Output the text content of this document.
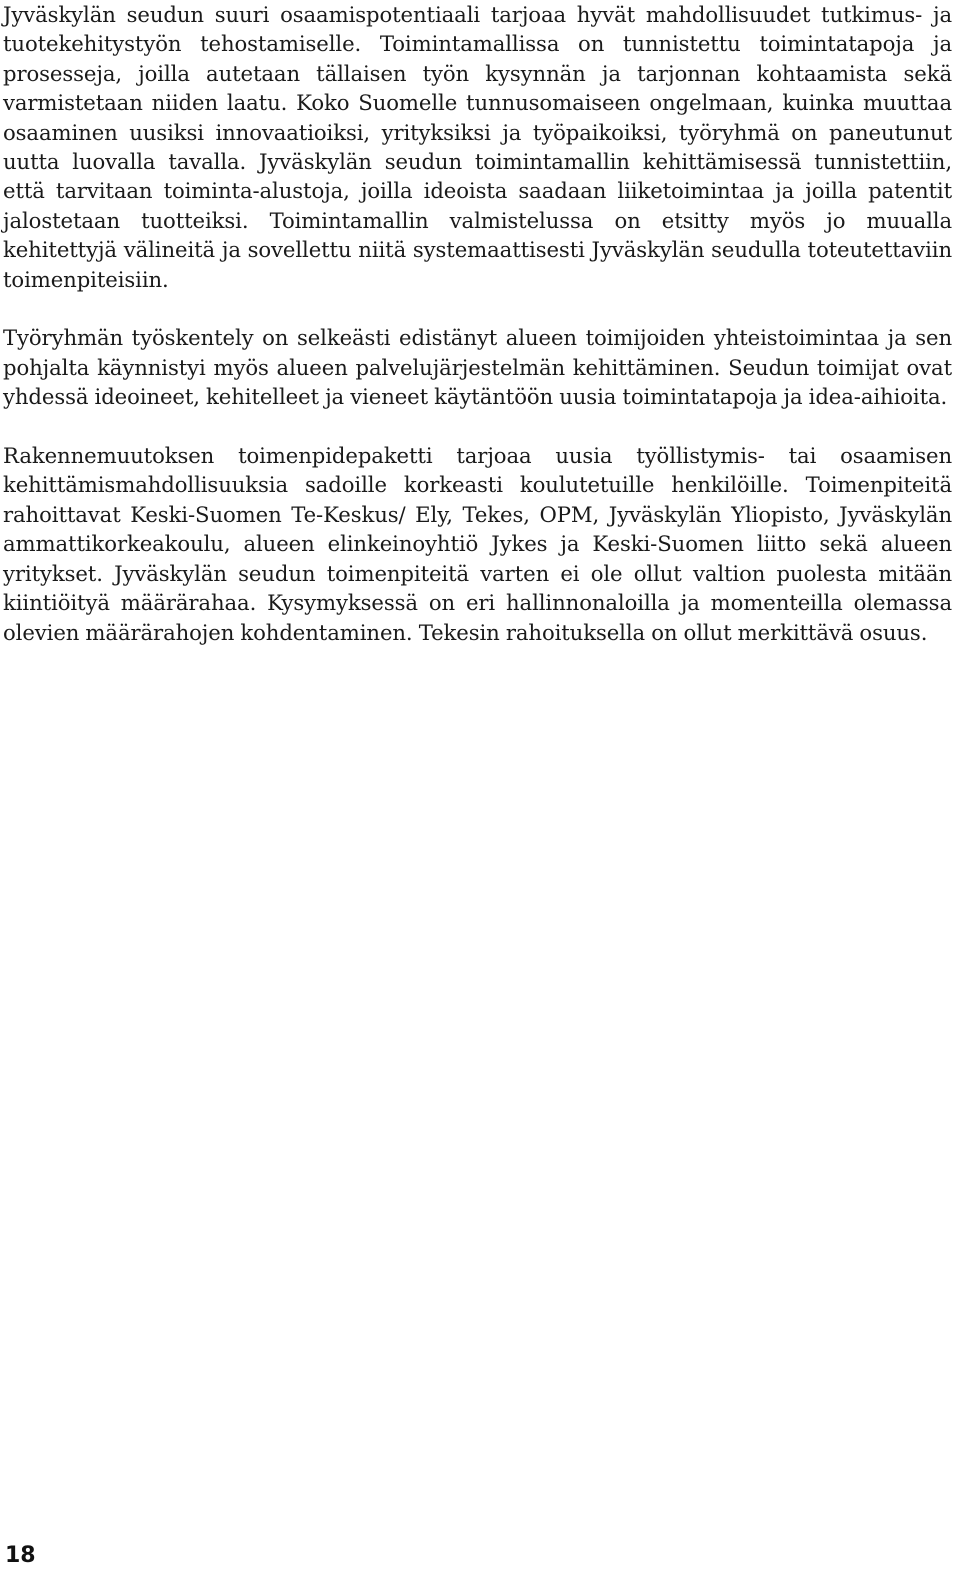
Jyväskylän seudun suuri osaamispotentiaali tarjoaa hyvät mahdollisuudet tutkimus- ja tuotekehitystyön tehostamiselle. Toimintamallissa on tunnistettu toimintatapoja ja prosesseja, joilla autetaan tällaisen työn kysynnän ja tarjonnan kohtaamista sekä varmistetaan niiden laatu. Koko Suomelle tunnusomaiseen ongelmaan, kuinka muuttaa osaaminen uusiksi innovaatioiksi, yrityksiksi ja työpaikoiksi, työryhmä on paneutunut uutta luovalla tavalla. Jyväskylän seudun toimintamallin kehittämisessä tunnistettiin, että tarvitaan toiminta-alustoja, joilla ideoista saadaan liiketoimintaa ja joilla patentit jalostetaan tuotteiksi. Toimintamallin valmistelussa on etsitty myös jo muualla kehitettyjä välineitä ja sovellettu niitä systemaattisesti Jyväskylän seudulla toteutettaviin toimenpiteisiin.

Työryhmän työskentely on selkeästi edistänyt alueen toimijoiden yhteistoimintaa ja sen pohjalta käynnistyi myös alueen palvelujärjestelmän kehittäminen. Seudun toimijat ovat yhdessä ideoineet, kehitelleet ja vieneet käytäntöön uusia toimintatapoja ja idea-aihioita.

Rakennemuutoksen toimenpidepaketti tarjoaa uusia työllistymis- tai osaamisen kehittämismahdollisuuksia sadoille korkeasti koulutetuille henkilöille. Toimenpiteitä rahoittavat Keski-Suomen Te-Keskus/ Ely, Tekes, OPM, Jyväskylän Yliopisto, Jyväskylän ammattikorkeakoulu, alueen elinkeinoyhtiö Jykes ja Keski-Suomen liitto sekä alueen yritykset. Jyväskylän seudun toimenpiteitä varten ei ole ollut valtion puolesta mitään kiintiöityä määrärahaa. Kysymyksessä on eri hallinnonaloilla ja momenteilla olemassa olevien määrärahojen kohdentaminen. Tekesin rahoituksella on ollut merkittävä osuus.

18
